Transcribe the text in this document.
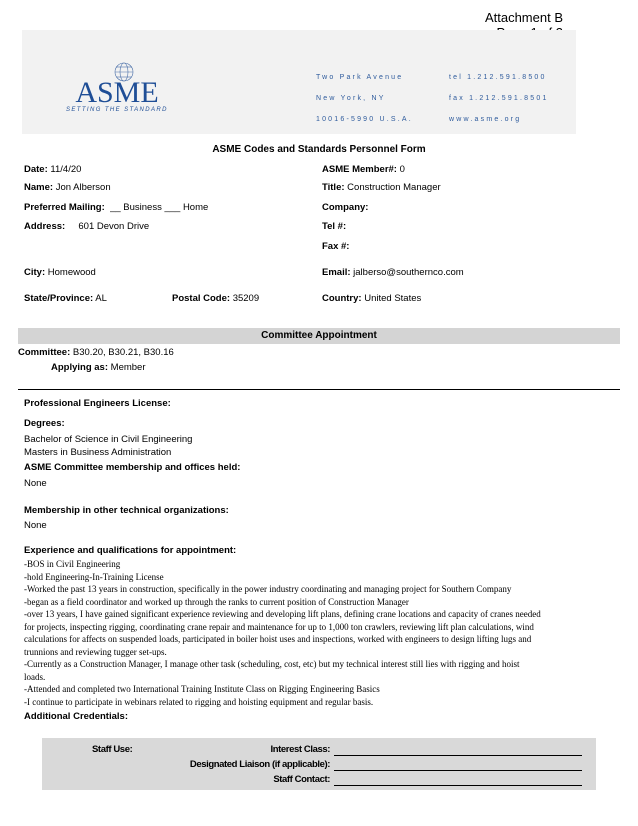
Attachment B
ASME
SETTING THE STANDARD
Two Park Avenue
New York, NY
10016-5990 U.S.A.
tel 1.212.591.8500
fax 1.212.591.8501
www.asme.org
ASME Codes and Standards Personnel Form
Date: 11/4/20	ASME Member#: 0
Name: Jon Alberson	Title: Construction Manager
Preferred Mailing: __ Business ___ Home	Company:
Address: 601 Devon Drive	Tel #:
Fax #:
City: Homewood	Email: jalberso@southernco.com
State/Province: AL	Postal Code: 35209	Country: United States
Committee Appointment
Committee: B30.20, B30.21, B30.16
Applying as: Member
Professional Engineers License:
Degrees:
Bachelor of Science in Civil Engineering
Masters in Business Administration
ASME Committee membership and offices held:
None
Membership in other technical organizations:
None
Experience and qualifications for appointment:
-BOS in Civil Engineering
-hold Engineering-In-Training License
-Worked the past 13 years in construction, specifically in the power industry coordinating and managing project for Southern Company
-began as a field coordinator and worked up through the ranks to current position of Construction Manager
-over 13 years, I have gained significant experience reviewing and developing lift plans, defining crane locations and capacity of cranes needed
for projects, inspecting rigging, coordinating crane repair and maintenance for up to 1,000 ton crawlers, reviewing lift plan calculations, wind
calculations for affects on suspended loads, participated in boiler hoist uses and inspections, worked with engineers to design lifting lugs and
trunnions and reviewing tugger set-ups.
-Currently as a Construction Manager, I manage other task (scheduling, cost, etc) but my technical interest still lies with rigging and hoist
loads.
-Attended and completed two International Training Institute Class on Rigging Engineering Basics
-I continue to participate in webinars related to rigging and hoisting equipment and regular basis.
Additional Credentials:
Staff Use:	Interest Class:
Designated Liaison (if applicable):
Staff Contact:
